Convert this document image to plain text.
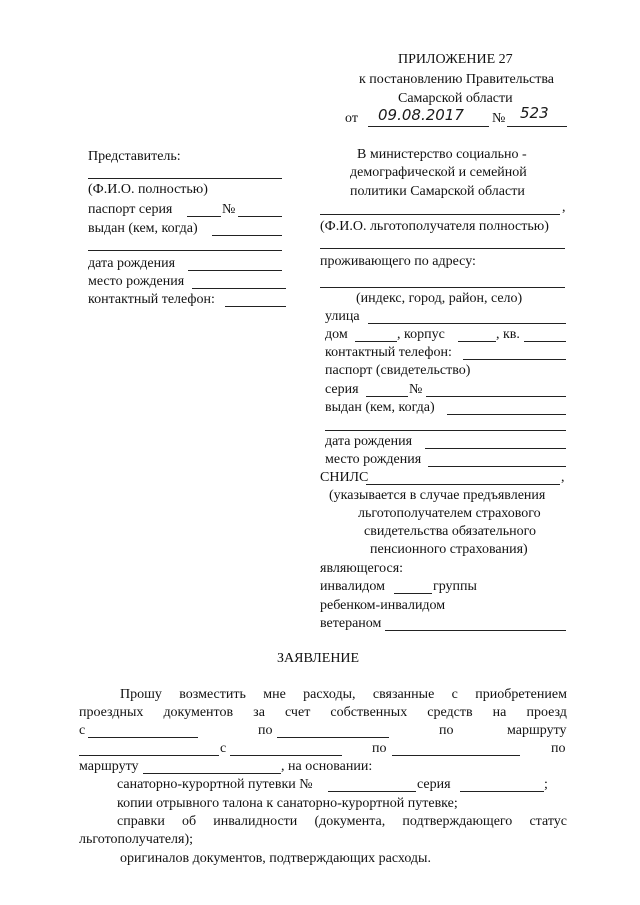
ПРИЛОЖЕНИЕ 27
к постановлению Правительства
Самарской области
от 09.08.2017 № 523
Представитель:
(Ф.И.О. полностью)
паспорт серия	№
выдан (кем, когда)
дата рождения
место рождения
контактный телефон:
В министерство социально -
демографической и семейной
политики Самарской области
,
(Ф.И.О. льготополучателя полностью)
проживающего по адресу:
(индекс, город, район, село)
улица
дом	, корпус	, кв.
контактный телефон:
паспорт (свидетельство)
серия	№
выдан (кем, когда)
дата рождения
место рождения
СНИЛС	,
(указывается в случае предъявления
льготополучателем страхового
свидетельства обязательного
пенсионного страхования)
являющегося:
инвалидом	группы
ребенком-инвалидом
ветераном
ЗАЯВЛЕНИЕ
Прошу возместить мне расходы, связанные с приобретением
проездных документов за счет собственных средств на проезд
с	по	по	маршруту
с	по	по
маршруту	, на основании:
санаторно-курортной путевки №	серия	;
копии отрывного талона к санаторно-курортной путевке;
справки об инвалидности (документа, подтверждающего статус
льготополучателя);
оригиналов документов, подтверждающих расходы.
